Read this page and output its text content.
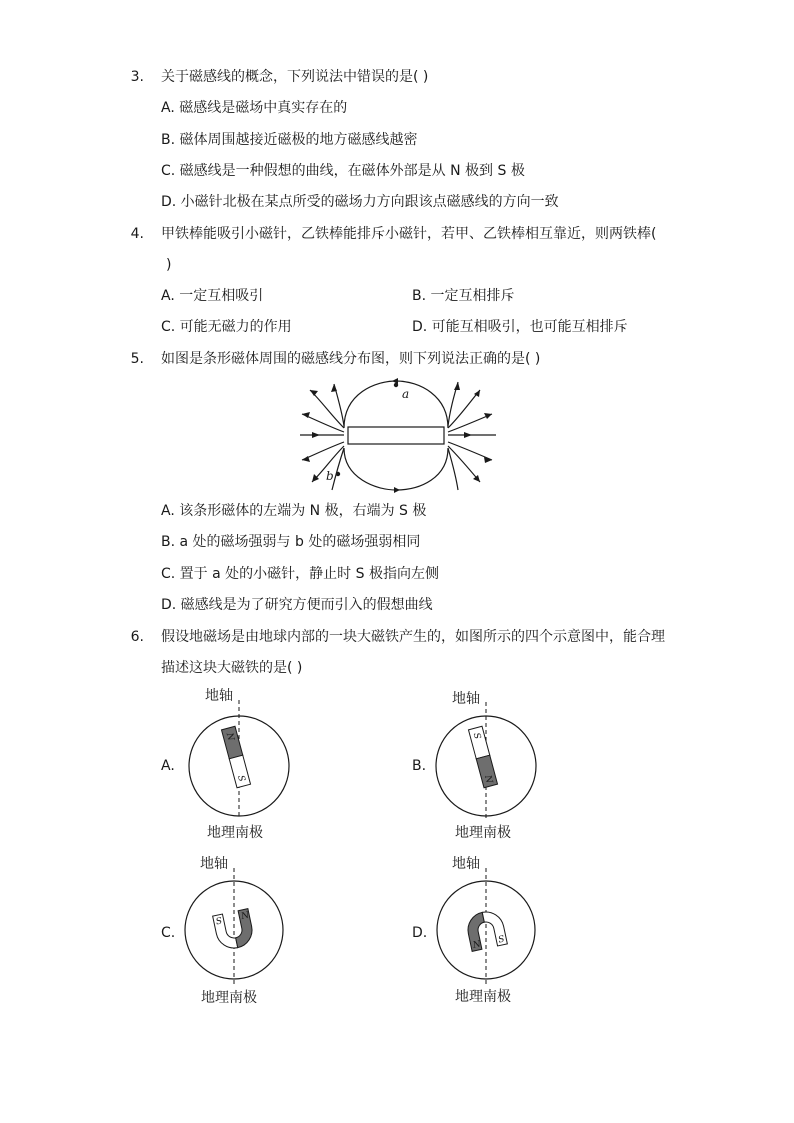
3. 关于磁感线的概念，下列说法中错误的是( )
A. 磁感线是磁场中真实存在的
B. 磁体周围越接近磁极的地方磁感线越密
C. 磁感线是一种假想的曲线，在磁体外部是从 N 极到 S 极
D. 小磁针北极在某点所受的磁场力方向跟该点磁感线的方向一致
4. 甲铁棒能吸引小磁针，乙铁棒能排斥小磁针，若甲、乙铁棒相互靠近，则两铁棒(
)
A. 一定互相吸引	B. 一定互相排斥
C. 可能无磁力的作用	D. 可能互相吸引，也可能互相排斥
5. 如图是条形磁体周围的磁感线分布图，则下列说法正确的是( )
a
b
A. 该条形磁体的左端为 N 极，右端为 S 极
B. a 处的磁场强弱与 b 处的磁场强弱相同
C. 置于 a 处的小磁针，静止时 S 极指向左侧
D. 磁感线是为了研究方便而引入的假想曲线
6. 假设地磁场是由地球内部的一块大磁铁产生的，如图所示的四个示意图中，能合理
描述这块大磁铁的是( )
A.
地轴
地理南极
N
S
B.
地轴
地理南极
S
N
C.
地轴
地理南极
S N
D.
地轴
地理南极
N S
